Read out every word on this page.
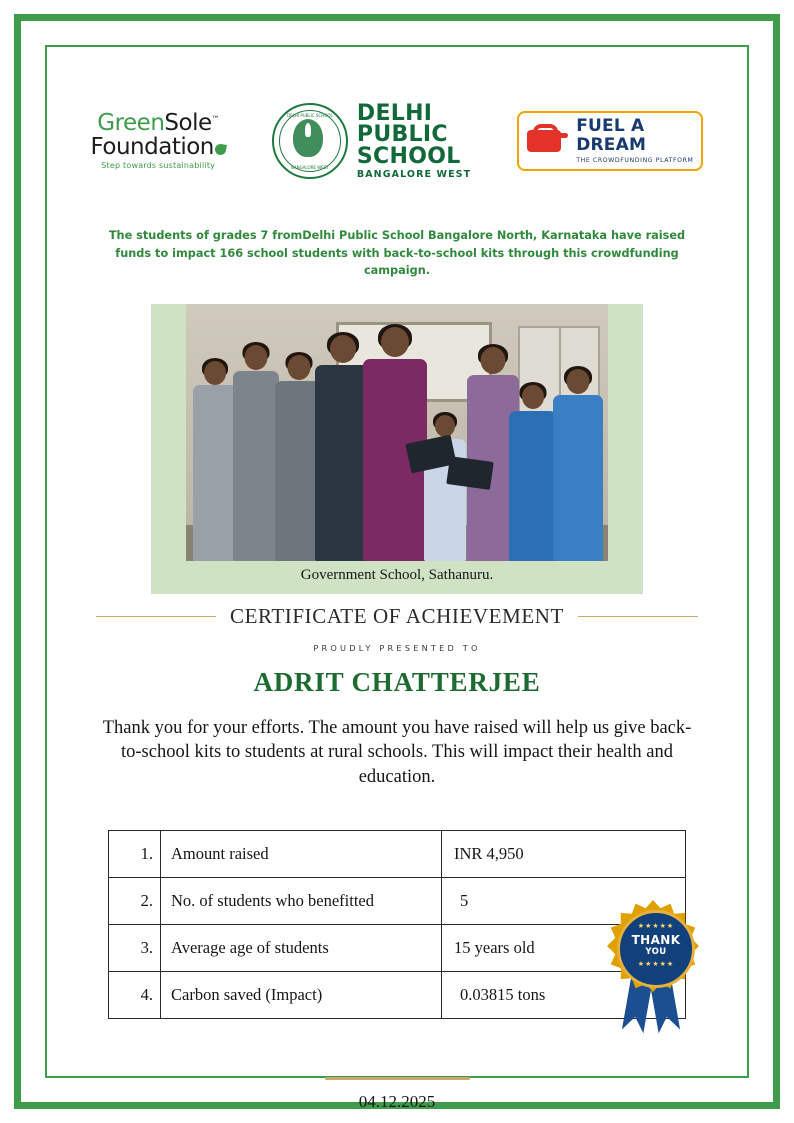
GreenSole™
Foundation
Step towards sustainability
DELHI PUBLIC SCHOOL
BANGALORE WEST
DELHI
PUBLIC
SCHOOL
BANGALORE WEST
FUEL A
DREAM
THE CROWDFUNDING PLATFORM
The students of grades 7 fromDelhi Public School Bangalore North, Karnataka have raised funds to impact 166 school students with back-to-school kits through this crowdfunding campaign.
Government School, Sathanuru.
CERTIFICATE OF ACHIEVEMENT
PROUDLY PRESENTED TO
ADRIT CHATTERJEE
Thank you for your efforts. The amount you have raised will help us give back-to-school kits to students at rural schools. This will impact their health and education.
1.	Amount raised	INR 4,950
2.	No. of students who benefitted	5
3.	Average age of students	15 years old
4.	Carbon saved (Impact)	0.03815 tons
04.12.2025
★★★★★
THANK
YOU
★★★★★
